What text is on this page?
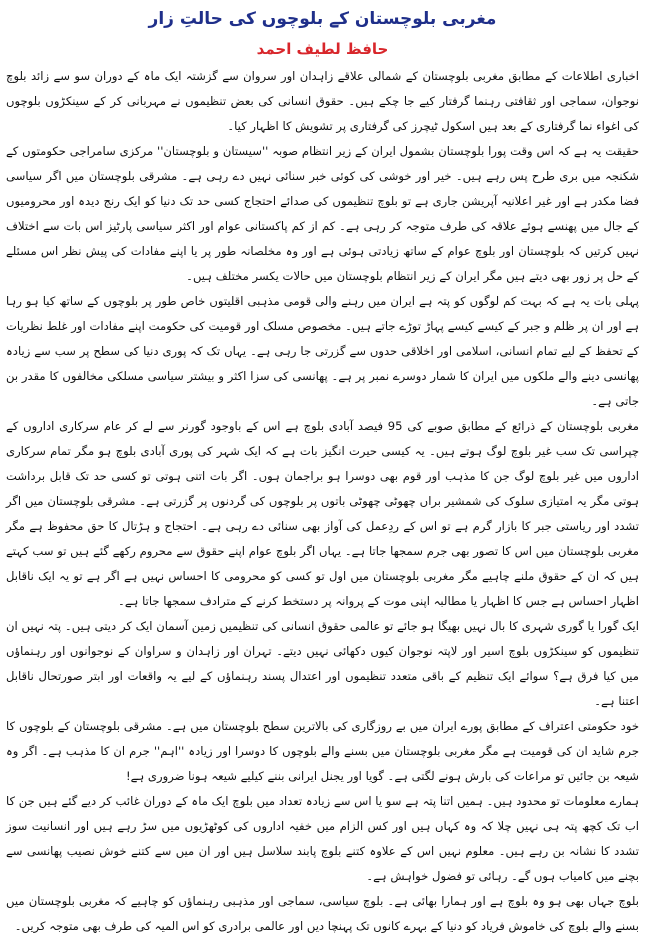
مغربی بلوچستان کے بلوچوں کی حالتِ زار
حافظ لطیف احمد

اخباری اطلاعات کے مطابق مغربی بلوچستان کے شمالی علاقے زاہدان اور سروان سے گزشتہ ایک ماہ کے دوران سو سے زائد بلوچ نوجوان، سماجی اور ثقافتی رہنما گرفتار کیے جا چکے ہیں۔ حقوق انسانی کی بعض تنظیموں نے مہربانی کر کے سینکڑوں بلوچوں کی اغواء نما گرفتاری کے بعد ہیں اسکول ٹیچرز کی گرفتاری پر تشویش کا اظہار کیا۔

حقیقت یہ ہے کہ اس وقت پورا بلوچستان بشمول ایران کے زیر انتظام صوبہ ''سیستان و بلوچستان'' مرکزی سامراجی حکومتوں کے شکنجہ میں بری طرح پس رہے ہیں۔ خیر اور خوشی کی کوئی خبر سنائی نہیں دے رہی ہے۔ مشرقی بلوچستان میں اگر سیاسی فضا مکدر ہے اور غیر اعلانیہ آپریشن جاری ہے تو بلوچ تنظیموں کی صدائے احتجاج کسی حد تک دنیا کو ایک رنج دیدہ اور محرومیوں کے جال میں پھنسے ہوئے علاقہ کی طرف متوجہ کر رہی ہے۔ کم از کم پاکستانی عوام اور اکثر سیاسی پارٹیز اس بات سے اختلاف نہیں کرتیں کہ بلوچستان اور بلوچ عوام کے ساتھ زیادتی ہوئی ہے اور وہ مخلصانہ طور پر یا اپنے مفادات کی پیش نظر اس مسئلے کے حل پر زور بھی دیتے ہیں مگر ایران کے زیر انتظام بلوچستان میں حالات یکسر مختلف ہیں۔

پہلی بات یہ ہے کہ بہت کم لوگوں کو پتہ ہے ایران میں رہنے والی قومی مذہبی اقلیتوں خاص طور پر بلوچوں کے ساتھ کیا ہو رہا ہے اور ان پر ظلم و جبر کے کیسے کیسے پہاڑ توڑے جاتے ہیں۔ مخصوص مسلک اور قومیت کی حکومت اپنے مفادات اور غلط نظریات کے تحفظ کے لیے تمام انسانی، اسلامی اور اخلاقی حدوں سے گزرتی جا رہی ہے۔ یہاں تک کہ پوری دنیا کی سطح پر سب سے زیادہ پھانسی دینے والے ملکوں میں ایران کا شمار دوسرے نمبر پر ہے۔ پھانسی کی سزا اکثر و بیشتر سیاسی مسلکی مخالفوں کا مقدر بن جاتی ہے۔

مغربی بلوچستان کے ذرائع کے مطابق صوبے کی 95 فیصد آبادی بلوچ ہے اس کے باوجود گورنر سے لے کر عام سرکاری اداروں کے چپراسی تک سب غیر بلوچ لوگ ہوتے ہیں۔ یہ کیسی حیرت انگیز بات ہے کہ ایک شہر کی پوری آبادی بلوچ ہو مگر تمام سرکاری اداروں میں غیر بلوچ لوگ جن کا مذہب اور قوم بھی دوسرا ہو براجمان ہوں۔ اگر بات اتنی ہوتی تو کسی حد تک قابل برداشت ہوتی مگر یہ امتیازی سلوک کی شمشیر براں چھوٹی چھوٹی باتوں پر بلوچوں کی گردنوں پر گزرتی ہے۔ مشرقی بلوچستان میں اگر تشدد اور ریاستی جبر کا بازار گرم ہے تو اس کے ردِعمل کی آواز بھی سنائی دے رہی ہے۔ احتجاج و ہڑتال کا حق محفوظ ہے مگر مغربی بلوچستان میں اس کا تصور بھی جرم سمجھا جاتا ہے۔ یہاں اگر بلوچ عوام اپنے حقوق سے محروم رکھے گئے ہیں تو سب کہتے ہیں کہ ان کے حقوق ملنے چاہیے مگر مغربی بلوچستان میں اول تو کسی کو محرومی کا احساس نہیں ہے اگر ہے تو یہ ایک ناقابل اظہار احساس ہے جس کا اظہار یا مطالبہ اپنی موت کے پروانہ پر دستخط کرنے کے مترادف سمجھا جاتا ہے۔

ایک گورا یا گوری شہری کا بال نہیں بھیگا ہو جائے تو عالمی حقوق انسانی کی تنظیمیں زمین آسمان ایک کر دیتی ہیں۔ پتہ نہیں ان تنظیموں کو سینکڑوں بلوچ اسیر اور لاپتہ نوجوان کیوں دکھائی نہیں دیتے۔ تہران اور زاہدان و سراوان کے نوجوانوں اور رہنماؤں میں کیا فرق ہے؟ سوائے ایک تنظیم کے باقی متعدد تنظیموں اور اعتدال پسند رہنماؤں کے لیے یہ واقعات اور ابتر صورتحال ناقابل اعتنا ہے۔

خود حکومتی اعتراف کے مطابق پورے ایران میں بے روزگاری کی بالاترین سطح بلوچستان میں ہے۔ مشرقی بلوچستان کے بلوچوں کا جرم شاید ان کی قومیت ہے مگر مغربی بلوچستان میں بسنے والے بلوچوں کا دوسرا اور زیادہ ''اہم'' جرم ان کا مذہب ہے۔ اگر وہ شیعہ بن جائیں تو مراعات کی بارش ہونے لگتی ہے۔ گویا اور یجنل ایرانی بننے کیلیے شیعہ ہونا ضروری ہے!

ہمارے معلومات تو محدود ہیں۔ ہمیں اتنا پتہ ہے سو یا اس سے زیادہ تعداد میں بلوچ ایک ماہ کے دوران غائب کر دیے گئے ہیں جن کا اب تک کچھ پتہ ہی نہیں چلا کہ وہ کہاں ہیں اور کس الزام میں خفیہ اداروں کی کوٹھڑیوں میں سڑ رہے ہیں اور انسانیت سوز تشدد کا نشانہ بن رہے ہیں۔ معلوم نہیں اس کے علاوہ کتنے بلوچ پابند سلاسل ہیں اور ان میں سے کتنے خوش نصیب پھانسی سے بچنے میں کامیاب ہوں گے۔ رہائی تو فضول خواہش ہے۔

بلوچ جہاں بھی ہو وہ بلوچ ہے اور ہمارا بھائی ہے۔ بلوچ سیاسی، سماجی اور مذہبی رہنماؤں کو چاہیے کہ مغربی بلوچستان میں بسنے والے بلوچ کی خاموش فریاد کو دنیا کے بہرے کانوں تک پہنچا دیں اور عالمی برادری کو اس المیہ کی طرف بھی متوجہ کریں۔
